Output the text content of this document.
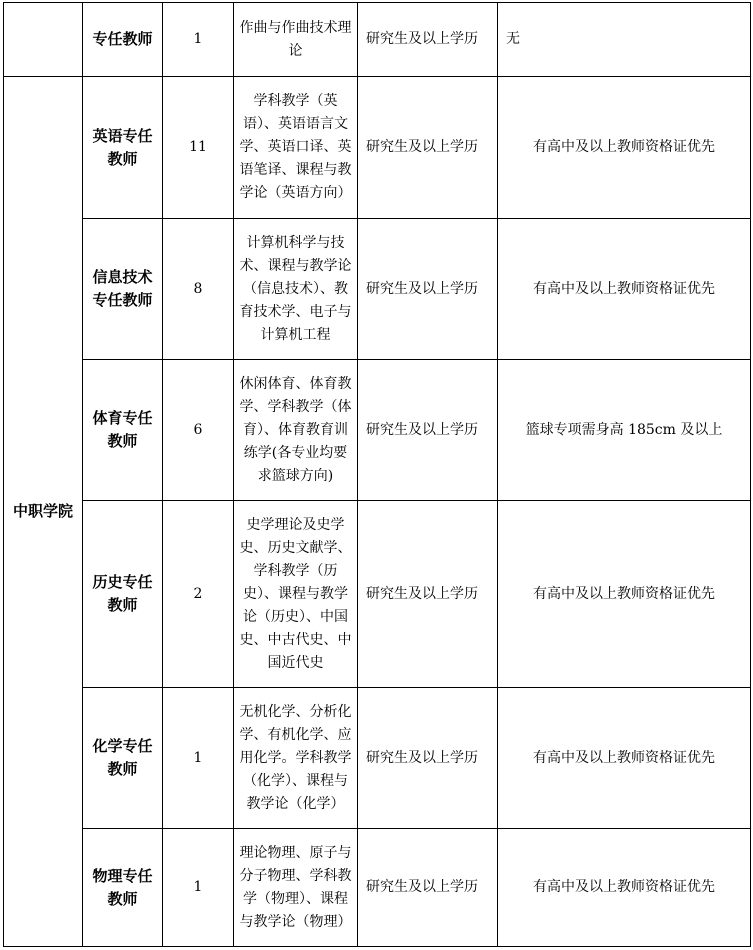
	专任教师	1	作曲与作曲技术理论	研究生及以上学历	无
中职学院	英语专任教师	11	学科教学（英语）、英语语言文学、英语口译、英语笔译、课程与教学论（英语方向）	研究生及以上学历	有高中及以上教师资格证优先
	信息技术专任教师	8	计算机科学与技术、课程与教学论（信息技术）、教育技术学、电子与计算机工程	研究生及以上学历	有高中及以上教师资格证优先
	体育专任教师	6	休闲体育、体育教学、学科教学（体育）、体育教育训练学(各专业均要求篮球方向)	研究生及以上学历	篮球专项需身高 185cm 及以上
	历史专任教师	2	史学理论及史学史、历史文献学、学科教学（历史）、课程与教学论（历史）、中国史、中古代史、中国近代史	研究生及以上学历	有高中及以上教师资格证优先
	化学专任教师	1	无机化学、分析化学、有机化学、应用化学。学科教学（化学）、课程与教学论（化学）	研究生及以上学历	有高中及以上教师资格证优先
	物理专任教师	1	理论物理、原子与分子物理、学科教学（物理）、课程与教学论（物理）	研究生及以上学历	有高中及以上教师资格证优先
